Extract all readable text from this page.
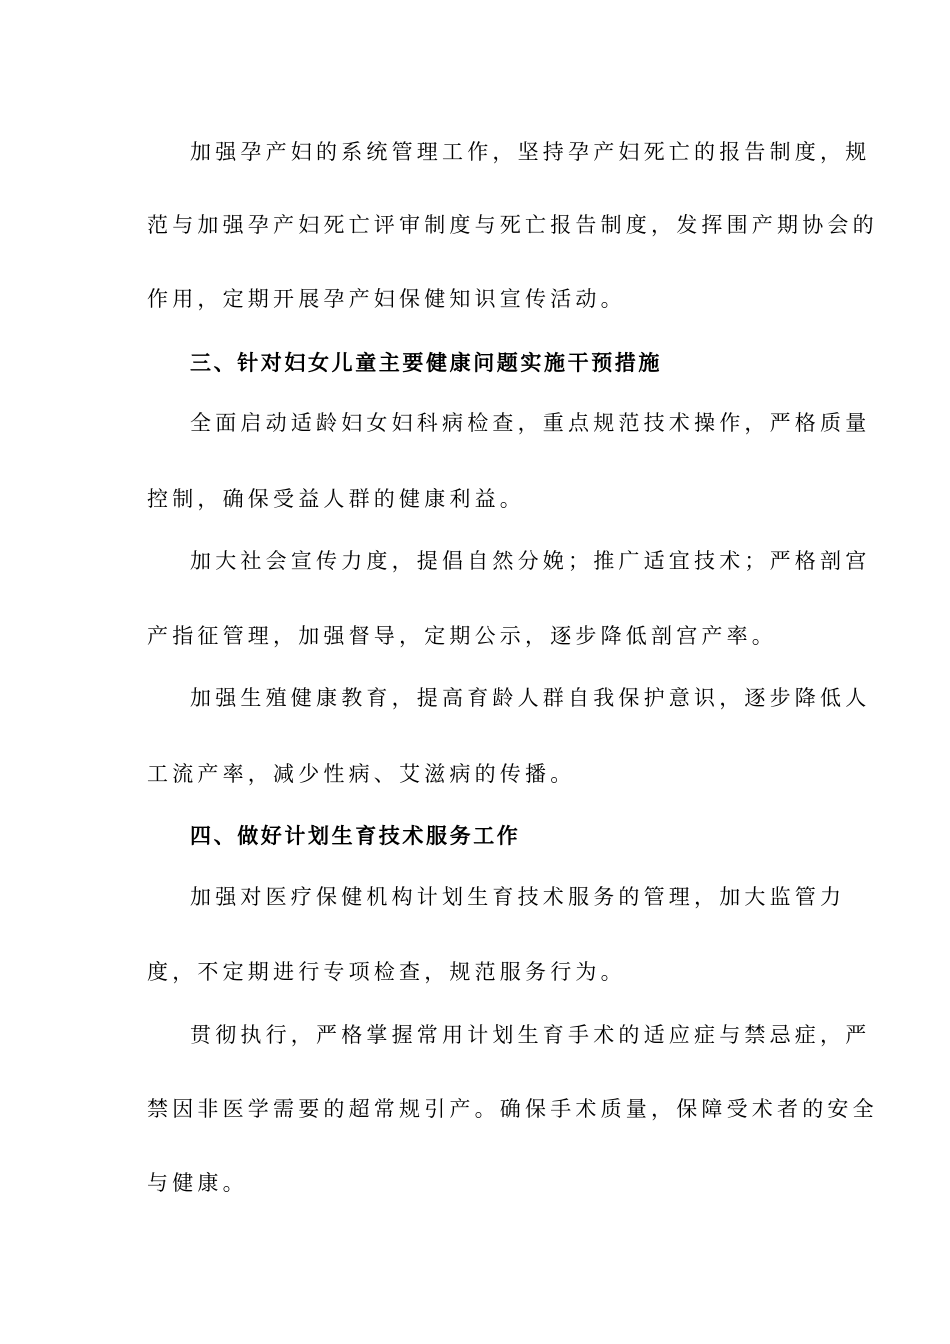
加强孕产妇的系统管理工作，坚持孕产妇死亡的报告制度，规
范与加强孕产妇死亡评审制度与死亡报告制度，发挥围产期协会的
作用，定期开展孕产妇保健知识宣传活动。
三、针对妇女儿童主要健康问题实施干预措施
全面启动适龄妇女妇科病检查，重点规范技术操作，严格质量
控制，确保受益人群的健康利益。
加大社会宣传力度，提倡自然分娩；推广适宜技术；严格剖宫
产指征管理，加强督导，定期公示，逐步降低剖宫产率。
加强生殖健康教育，提高育龄人群自我保护意识，逐步降低人
工流产率，减少性病、艾滋病的传播。
四、做好计划生育技术服务工作
加强对医疗保健机构计划生育技术服务的管理，加大监管力
度，不定期进行专项检查，规范服务行为。
贯彻执行，严格掌握常用计划生育手术的适应症与禁忌症，严
禁因非医学需要的超常规引产。确保手术质量，保障受术者的安全
与健康。
